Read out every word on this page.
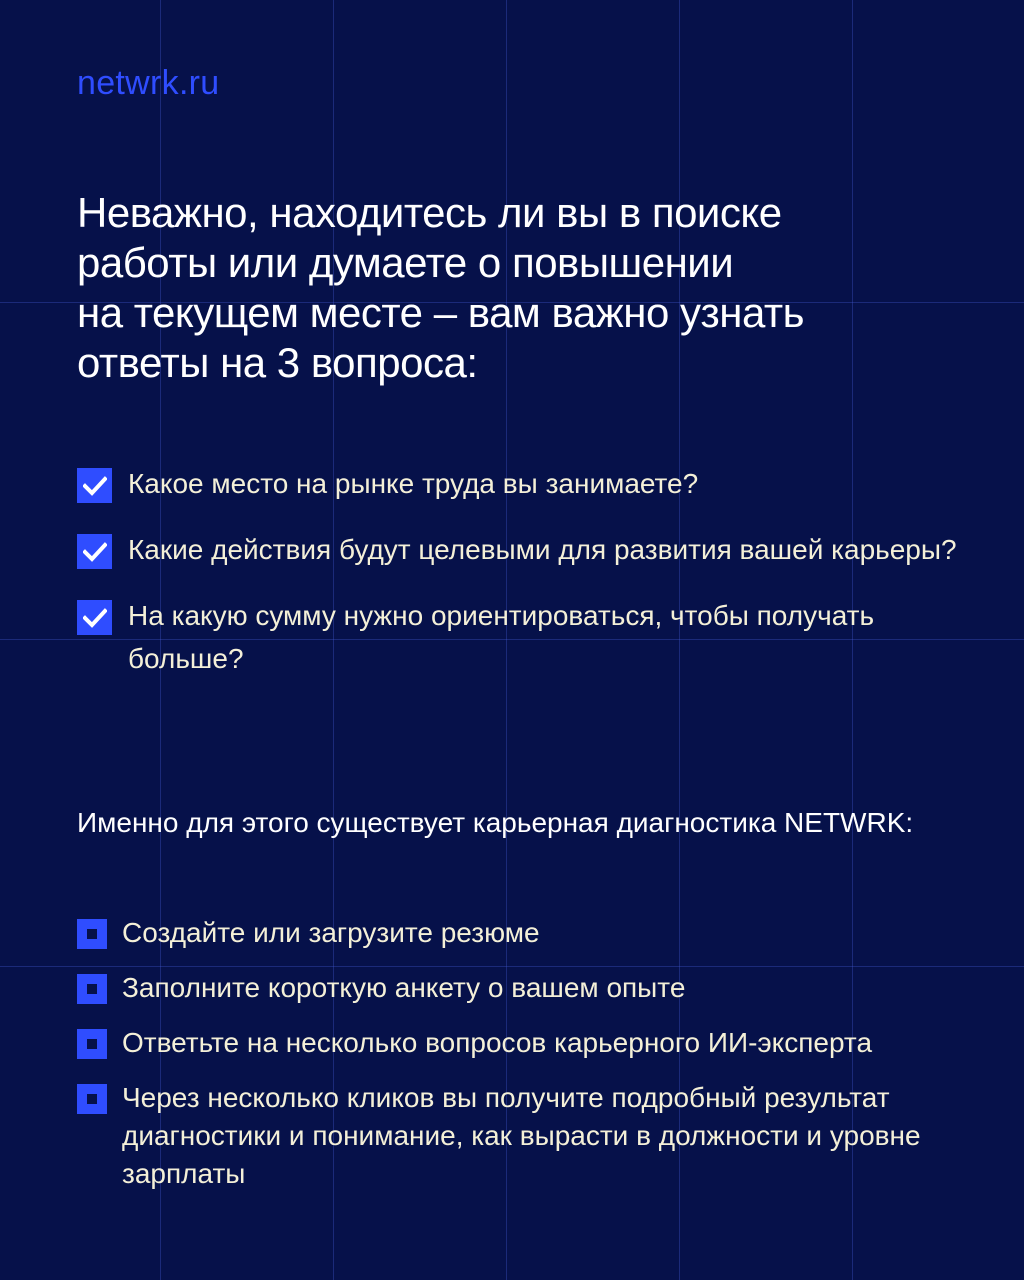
netwrk.ru
Неважно, находитесь ли вы в поиске
работы или думаете о повышении
на текущем месте – вам важно узнать
ответы на 3 вопроса:
Какое место на рынке труда вы занимаете?
Какие действия будут целевыми для развития вашей карьеры?
На какую сумму нужно ориентироваться, чтобы получать больше?
Именно для этого существует карьерная диагностика NETWRK:
Создайте или загрузите резюме
Заполните короткую анкету о вашем опыте
Ответьте на несколько вопросов карьерного ИИ-эксперта
Через несколько кликов вы получите подробный результат диагностики и понимание, как вырасти в должности и уровне зарплаты
